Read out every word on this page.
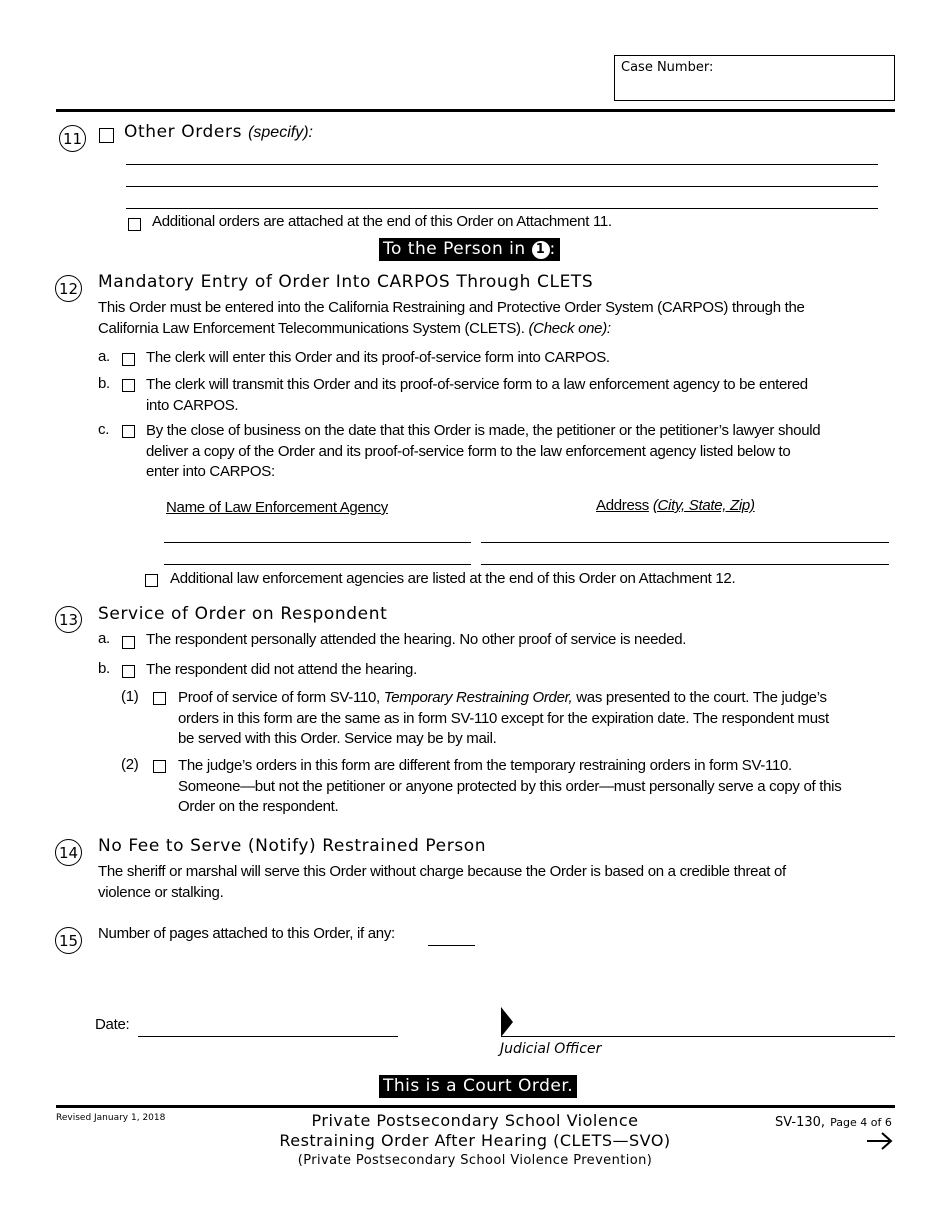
Case Number:
11 Other Orders (specify):
Additional orders are attached at the end of this Order on Attachment 11.
To the Person in 1 :
12 Mandatory Entry of Order Into CARPOS Through CLETS
This Order must be entered into the California Restraining and Protective Order System (CARPOS) through the
California Law Enforcement Telecommunications System (CLETS). (Check one):
a. The clerk will enter this Order and its proof-of-service form into CARPOS.
b. The clerk will transmit this Order and its proof-of-service form to a law enforcement agency to be entered
into CARPOS.
c. By the close of business on the date that this Order is made, the petitioner or the petitioner’s lawyer should
deliver a copy of the Order and its proof-of-service form to the law enforcement agency listed below to
enter into CARPOS:
Name of Law Enforcement Agency	Address (City, State, Zip)
Additional law enforcement agencies are listed at the end of this Order on Attachment 12.
13 Service of Order on Respondent
a. The respondent personally attended the hearing. No other proof of service is needed.
b. The respondent did not attend the hearing.
(1)	Proof of service of form SV-110, Temporary Restraining Order, was presented to the court. The judge’s
orders in this form are the same as in form SV-110 except for the expiration date. The respondent must
be served with this Order. Service may be by mail.
(2)	The judge’s orders in this form are different from the temporary restraining orders in form SV-110.
Someone—but not the petitioner or anyone protected by this order—must personally serve a copy of this
Order on the respondent.
14 No Fee to Serve (Notify) Restrained Person
The sheriff or marshal will serve this Order without charge because the Order is based on a credible threat of
violence or stalking.
15 Number of pages attached to this Order, if any:
Date:
Judicial Officer
This is a Court Order.
Revised January 1, 2018	Private Postsecondary School Violence
Restraining Order After Hearing (CLETS—SVO)
(Private Postsecondary School Violence Prevention)
SV-130, Page 4 of 6
